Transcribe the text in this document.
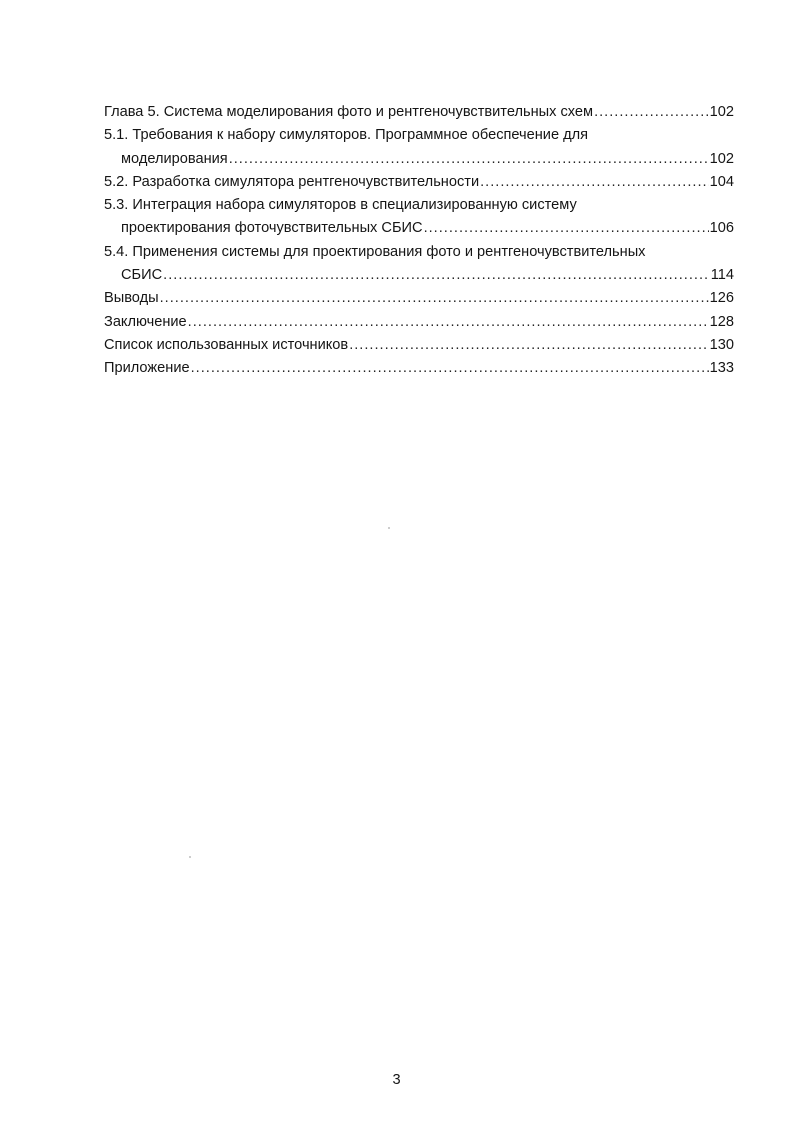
Глава 5. Система моделирования фото и рентгеночувствительных схем .....	102
5.1. Требования к набору симуляторов. Программное обеспечение для
моделирования .....	102
5.2. Разработка симулятора рентгеночувствительности .....	104
5.3. Интеграция набора симуляторов в специализированную систему
проектирования фоточувствительных СБИС .....	106
5.4. Применения системы для проектирования фото и рентгеночувствительных
СБИС .....	114
Выводы .....	126
Заключение .....	128
Список использованных источников .....	130
Приложение .....	133
3
